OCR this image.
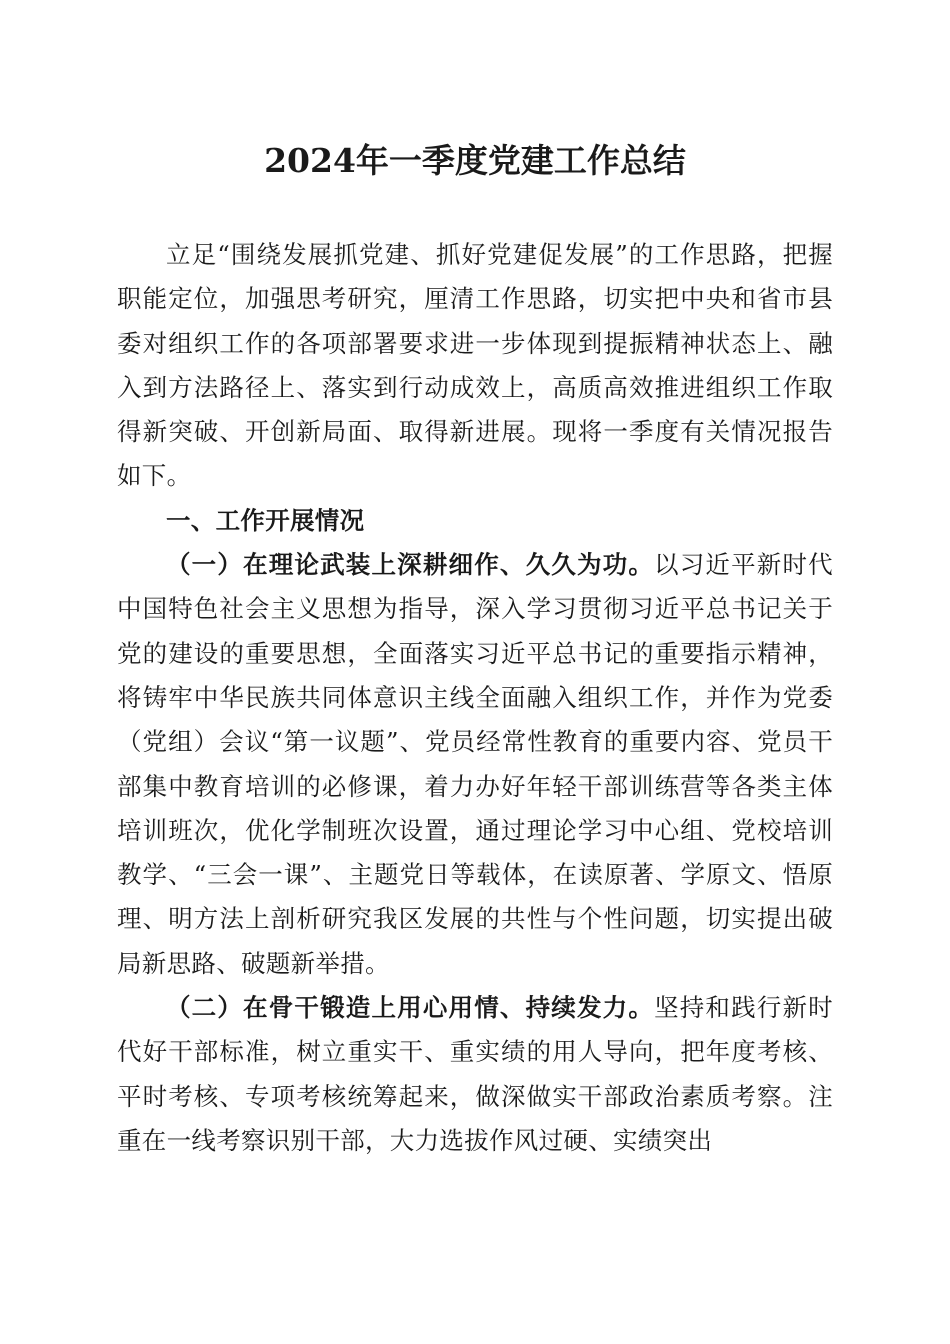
2024年一季度党建工作总结

立足“围绕发展抓党建、抓好党建促发展”的工作思路，把握职能定位，加强思考研究，厘清工作思路，切实把中央和省市县委对组织工作的各项部署要求进一步体现到提振精神状态上、融入到方法路径上、落实到行动成效上，高质高效推进组织工作取得新突破、开创新局面、取得新进展。现将一季度有关情况报告如下。

一、工作开展情况

（一）在理论武装上深耕细作、久久为功。以习近平新时代中国特色社会主义思想为指导，深入学习贯彻习近平总书记关于党的建设的重要思想，全面落实习近平总书记的重要指示精神，将铸牢中华民族共同体意识主线全面融入组织工作，并作为党委（党组）会议“第一议题”、党员经常性教育的重要内容、党员干部集中教育培训的必修课，着力办好年轻干部训练营等各类主体培训班次，优化学制班次设置，通过理论学习中心组、党校培训教学、“三会一课”、主题党日等载体，在读原著、学原文、悟原理、明方法上剖析研究我区发展的共性与个性问题，切实提出破局新思路、破题新举措。

（二）在骨干锻造上用心用情、持续发力。坚持和践行新时代好干部标准，树立重实干、重实绩的用人导向，把年度考核、平时考核、专项考核统筹起来，做深做实干部政治素质考察。注重在一线考察识别干部，大力选拔作风过硬、实绩突出
